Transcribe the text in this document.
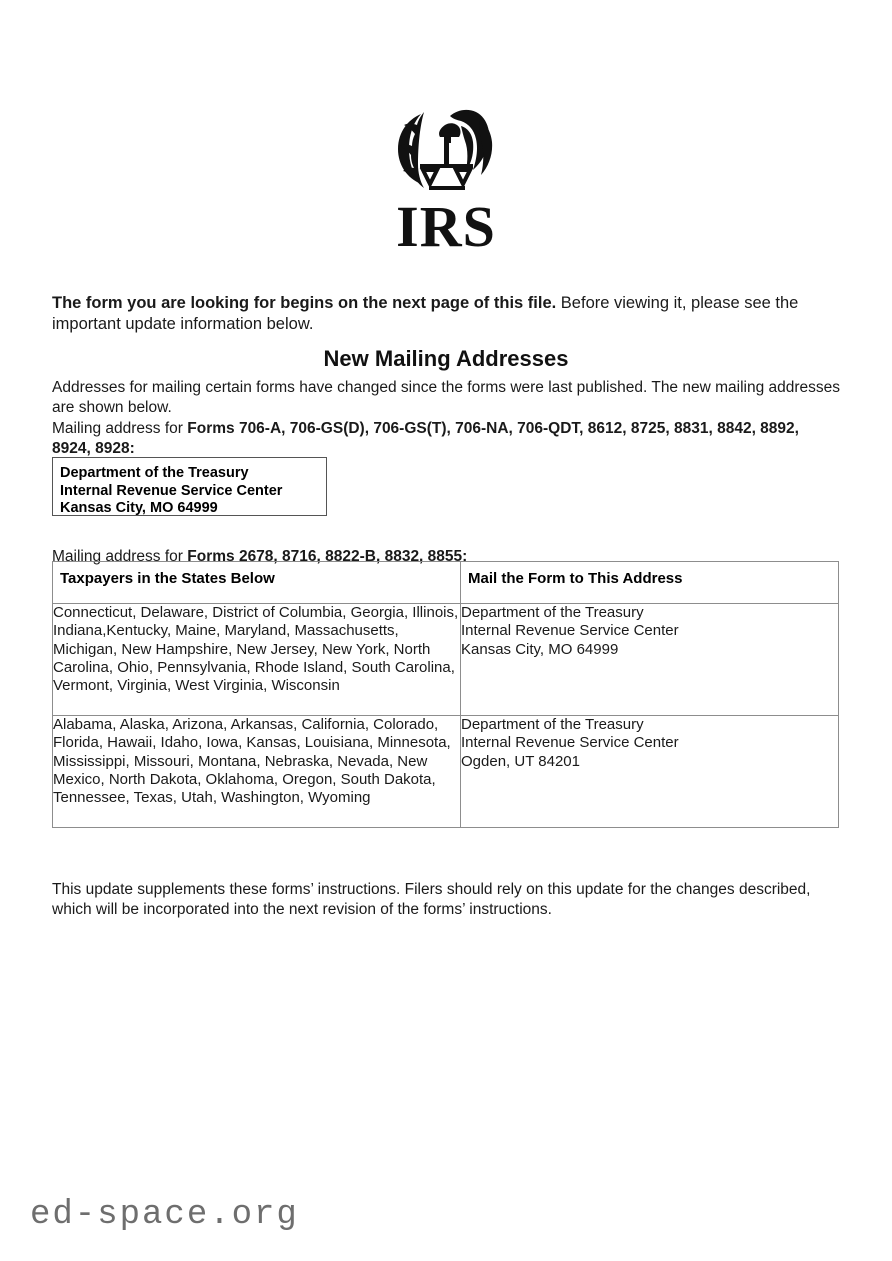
IRS

The form you are looking for begins on the next page of this file. Before viewing it, please see the important update information below.

New Mailing Addresses

Addresses for mailing certain forms have changed since the forms were last published. The new mailing addresses are shown below.

Mailing address for Forms 706-A, 706-GS(D), 706-GS(T), 706-NA, 706-QDT, 8612, 8725, 8831, 8842, 8892, 8924, 8928:

Department of the Treasury
Internal Revenue Service Center
Kansas City, MO 64999

Mailing address for Forms 2678, 8716, 8822-B, 8832, 8855:

Taxpayers in the States Below	Mail the Form to This Address
Connecticut, Delaware, District of Columbia, Georgia, Illinois, Indiana,Kentucky, Maine, Maryland, Massachusetts, Michigan, New Hampshire, New Jersey, New York, North Carolina, Ohio, Pennsylvania, Rhode Island, South Carolina, Vermont, Virginia, West Virginia, Wisconsin	
Department of the Treasury
Internal Revenue Service Center
Kansas City, MO 64999

Alabama, Alaska, Arizona, Arkansas, California, Colorado, Florida, Hawaii, Idaho, Iowa, Kansas, Louisiana, Minnesota, Mississippi, Missouri, Montana, Nebraska, Nevada, New Mexico, North Dakota, Oklahoma, Oregon, South Dakota, Tennessee, Texas, Utah, Washington, Wyoming	
Department of the Treasury
Internal Revenue Service Center
Ogden, UT 84201

This update supplements these forms’ instructions. Filers should rely on this update for the changes described, which will be incorporated into the next revision of the forms’ instructions.

ed-space.org
